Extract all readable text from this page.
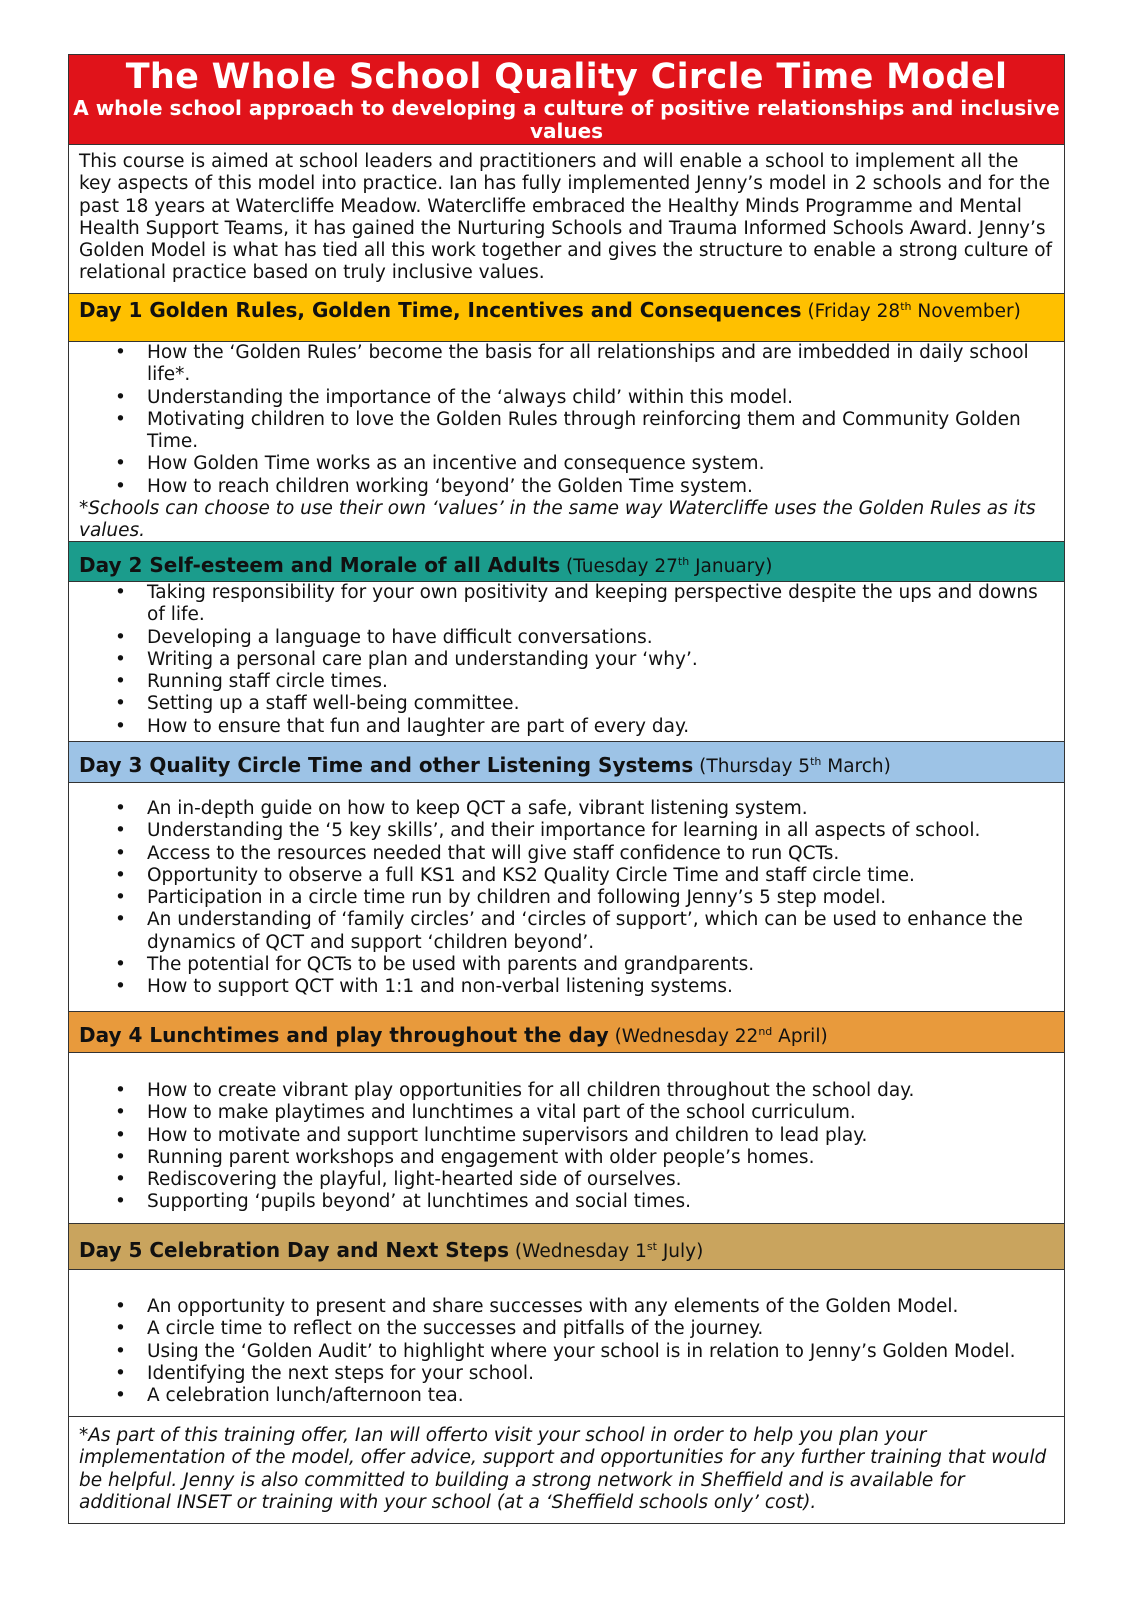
The Whole School Quality Circle Time Model
A whole school approach to developing a culture of positive relationships and inclusive values
This course is aimed at school leaders and practitioners and will enable a school to implement all the key aspects of this model into practice. Ian has fully implemented Jenny’s model in 2 schools and for the past 18 years at Watercliffe Meadow. Watercliffe embraced the Healthy Minds Programme and Mental Health Support Teams, it has gained the Nurturing Schools and Trauma Informed Schools Award. Jenny’s Golden Model is what has tied all this work together and gives the structure to enable a strong culture of relational practice based on truly inclusive values.
Day 1 Golden Rules, Golden Time, Incentives and Consequences (Friday 28th November)
• How the ‘Golden Rules’ become the basis for all relationships and are imbedded in daily school life*.
• Understanding the importance of the ‘always child’ within this model.
• Motivating children to love the Golden Rules through reinforcing them and Community Golden Time.
• How Golden Time works as an incentive and consequence system.
• How to reach children working ‘beyond’ the Golden Time system.
*Schools can choose to use their own ‘values’ in the same way Watercliffe uses the Golden Rules as its values.
Day 2 Self-esteem and Morale of all Adults (Tuesday 27th January)
• Taking responsibility for your own positivity and keeping perspective despite the ups and downs of life.
• Developing a language to have difficult conversations.
• Writing a personal care plan and understanding your ‘why’.
• Running staff circle times.
• Setting up a staff well-being committee.
• How to ensure that fun and laughter are part of every day.
Day 3 Quality Circle Time and other Listening Systems (Thursday 5th March)
• An in-depth guide on how to keep QCT a safe, vibrant listening system.
• Understanding the ‘5 key skills’, and their importance for learning in all aspects of school.
• Access to the resources needed that will give staff confidence to run QCTs.
• Opportunity to observe a full KS1 and KS2 Quality Circle Time and staff circle time.
• Participation in a circle time run by children and following Jenny’s 5 step model.
• An understanding of ‘family circles’ and ‘circles of support’, which can be used to enhance the dynamics of QCT and support ‘children beyond’.
• The potential for QCTs to be used with parents and grandparents.
• How to support QCT with 1:1 and non-verbal listening systems.
Day 4 Lunchtimes and play throughout the day (Wednesday 22nd April)
• How to create vibrant play opportunities for all children throughout the school day.
• How to make playtimes and lunchtimes a vital part of the school curriculum.
• How to motivate and support lunchtime supervisors and children to lead play.
• Running parent workshops and engagement with older people’s homes.
• Rediscovering the playful, light-hearted side of ourselves.
• Supporting ‘pupils beyond’ at lunchtimes and social times.
Day 5 Celebration Day and Next Steps (Wednesday 1st July)
• An opportunity to present and share successes with any elements of the Golden Model.
• A circle time to reflect on the successes and pitfalls of the journey.
• Using the ‘Golden Audit’ to highlight where your school is in relation to Jenny’s Golden Model.
• Identifying the next steps for your school.
• A celebration lunch/afternoon tea.
*As part of this training offer, Ian will offerto visit your school in order to help you plan your implementation of the model, offer advice, support and opportunities for any further training that would be helpful. Jenny is also committed to building a strong network in Sheffield and is available for additional INSET or training with your school (at a ‘Sheffield schools only’ cost).
